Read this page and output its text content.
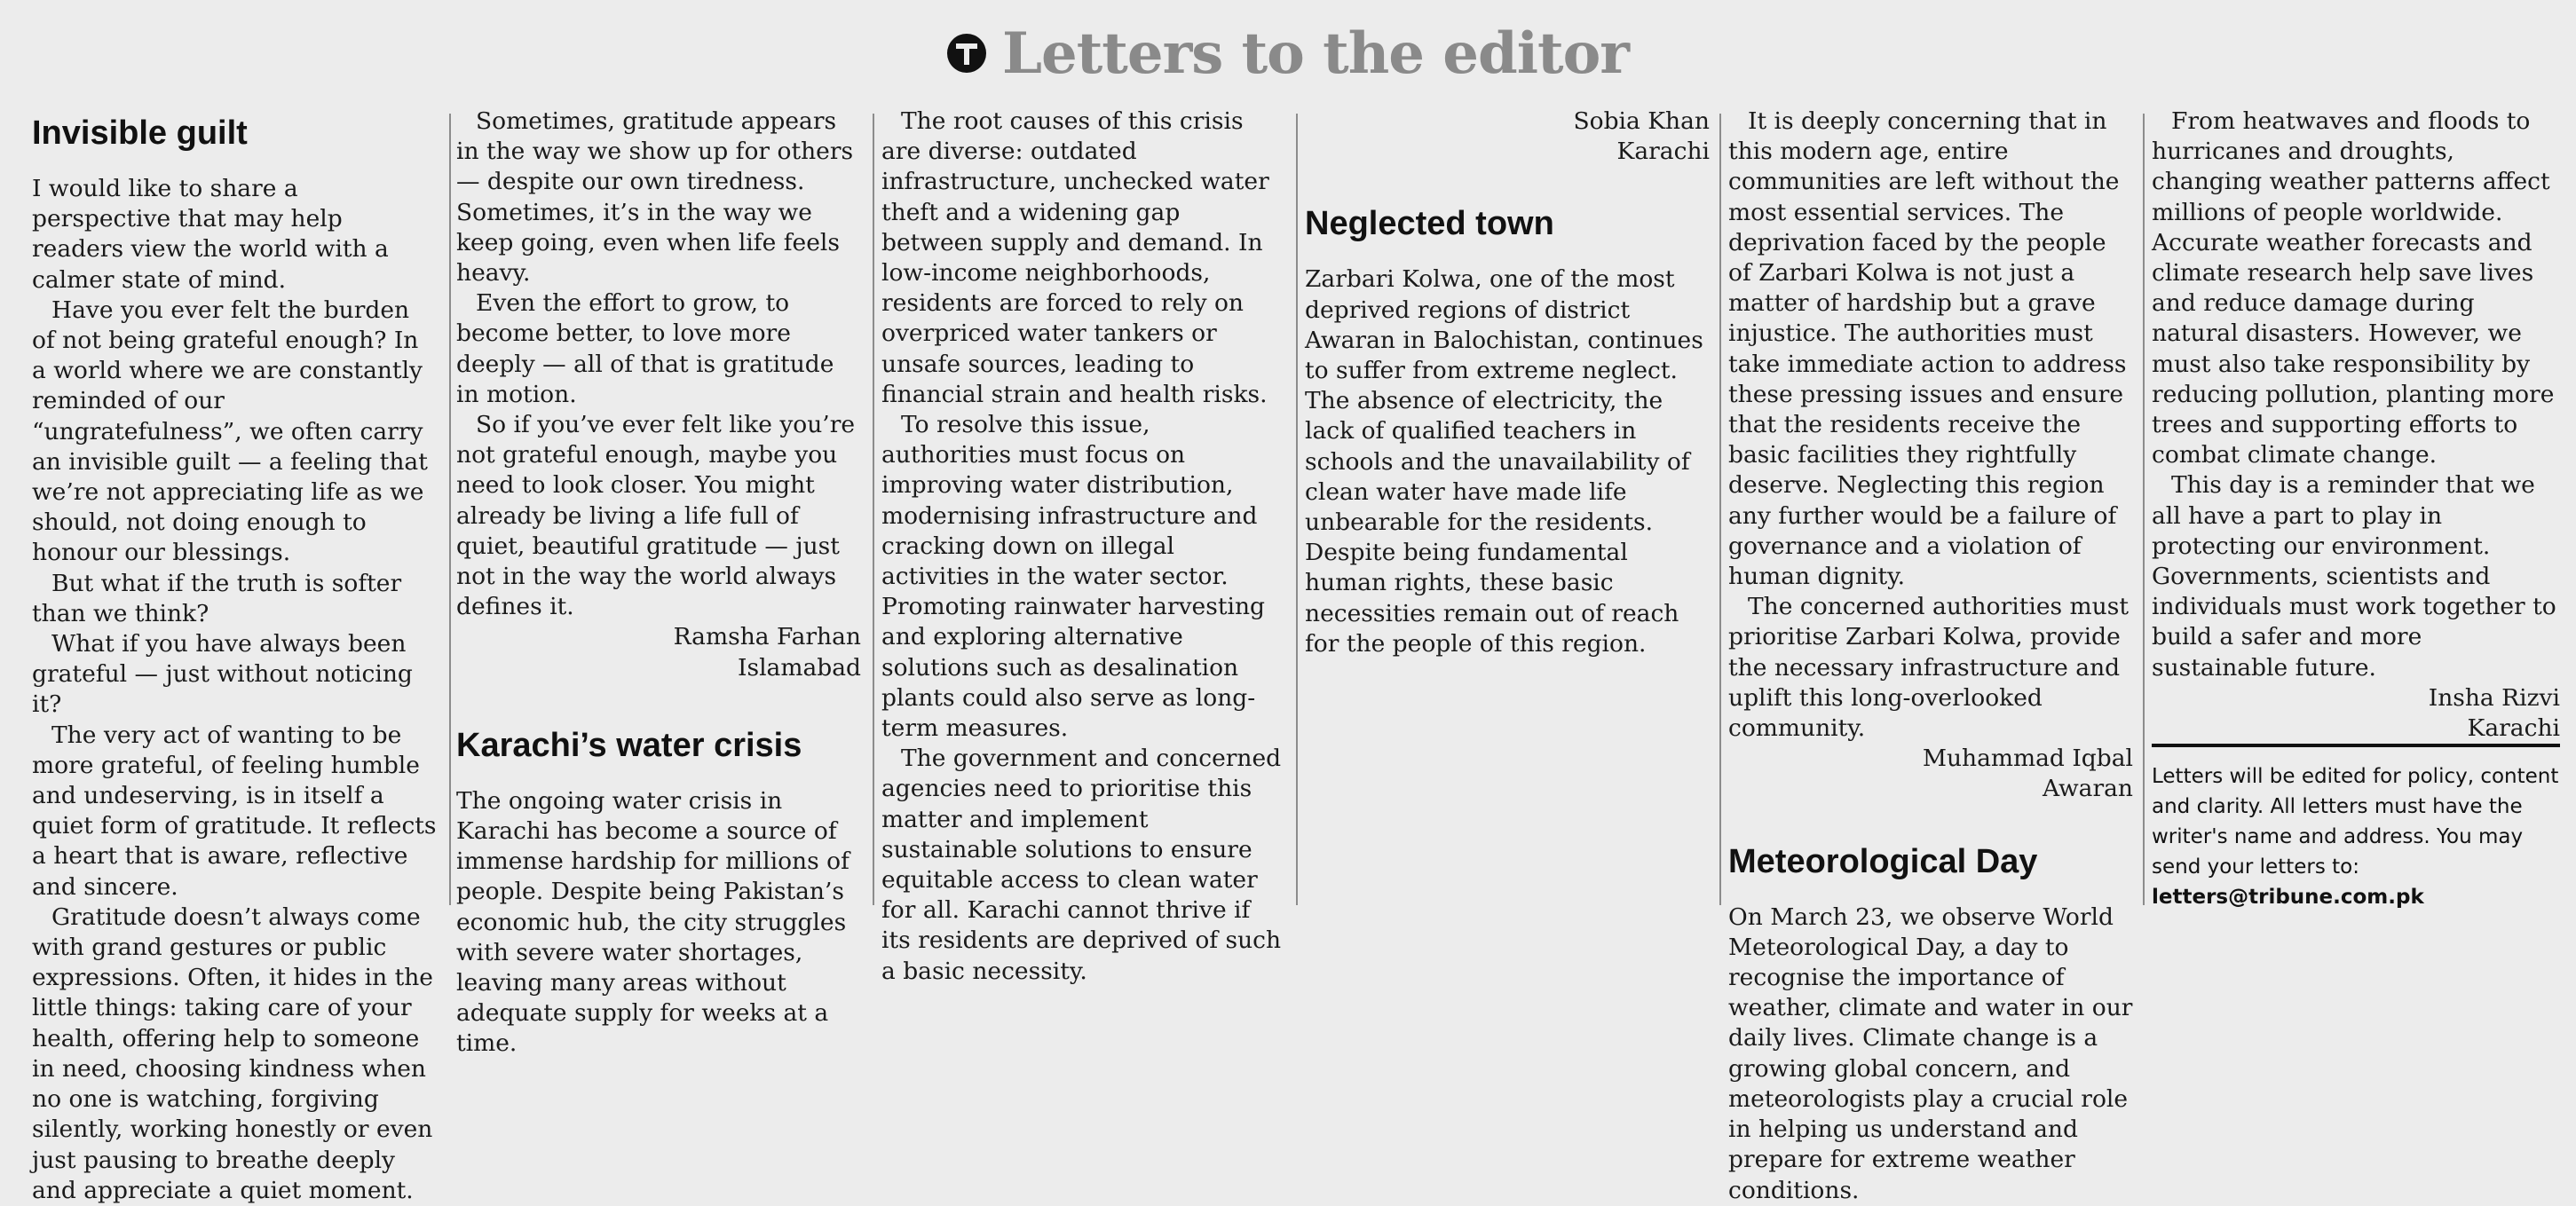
Letters to the editor
Invisible guilt

I would like to share a perspective that may help readers view the world with a calmer state of mind.

Have you ever felt the burden of not being grateful enough? In a world where we are constantly reminded of our “ungratefulness”, we often carry an invisible guilt — a feeling that we’re not appreciating life as we should, not doing enough to honour our blessings.

But what if the truth is softer than we think?

What if you have always been grateful — just without noticing it?

The very act of wanting to be more grateful, of feeling humble and undeserving, is in itself a quiet form of gratitude. It reflects a heart that is aware, reflective and sincere.

Gratitude doesn’t always come with grand gestures or public expressions. Often, it hides in the little things: taking care of your health, offering help to someone in need, choosing kindness when no one is watching, forgiving silently, working honestly or even just pausing to breathe deeply and appreciate a quiet moment.

Sometimes, gratitude appears in the way we show up for others — despite our own tiredness. Sometimes, it’s in the way we keep going, even when life feels heavy.

Even the effort to grow, to become better, to love more deeply — all of that is gratitude in motion.

So if you’ve ever felt like you’re not grateful enough, maybe you need to look closer. You might already be living a life full of quiet, beautiful gratitude — just not in the way the world always defines it.

Ramsha Farhan

Islamabad

Karachi’s water crisis

The ongoing water crisis in Karachi has become a source of immense hardship for millions of people. Despite being Pakistan’s economic hub, the city struggles with severe water shortages, leaving many areas without adequate supply for weeks at a time.

The root causes of this crisis are diverse: outdated infrastructure, unchecked water theft and a widening gap between supply and demand. In low-income neighborhoods, residents are forced to rely on overpriced water tankers or unsafe sources, leading to financial strain and health risks.

To resolve this issue, authorities must focus on improving water distribution, modernising infrastructure and cracking down on illegal activities in the water sector. Promoting rainwater harvesting and exploring alternative solutions such as desalination plants could also serve as long-term measures.

The government and concerned agencies need to prioritise this matter and implement sustainable solutions to ensure equitable access to clean water for all. Karachi cannot thrive if its residents are deprived of such a basic necessity.

Sobia Khan

Karachi

Neglected town

Zarbari Kolwa, one of the most deprived regions of district Awaran in Balochistan, continues to suffer from extreme neglect. The absence of electricity, the lack of qualified teachers in schools and the unavailability of clean water have made life unbearable for the residents. Despite being fundamental human rights, these basic necessities remain out of reach for the people of this region.

It is deeply concerning that in this modern age, entire communities are left without the most essential services. The deprivation faced by the people of Zarbari Kolwa is not just a matter of hardship but a grave injustice. The authorities must take immediate action to address these pressing issues and ensure that the residents receive the basic facilities they rightfully deserve. Neglecting this region any further would be a failure of governance and a violation of human dignity.

The concerned authorities must prioritise Zarbari Kolwa, provide the necessary infrastructure and uplift this long-overlooked community.

Muhammad Iqbal

Awaran

Meteorological Day

On March 23, we observe World Meteorological Day, a day to recognise the importance of weather, climate and water in our daily lives. Climate change is a growing global concern, and meteorologists play a crucial role in helping us understand and prepare for extreme weather conditions.

From heatwaves and floods to hurricanes and droughts, changing weather patterns affect millions of people worldwide. Accurate weather forecasts and climate research help save lives and reduce damage during natural disasters. However, we must also take responsibility by reducing pollution, planting more trees and supporting efforts to combat climate change.

This day is a reminder that we all have a part to play in protecting our environment. Governments, scientists and individuals must work together to build a safer and more sustainable future.

Insha Rizvi

Karachi

Letters will be edited for policy, content and clarity. All letters must have the writer's name and address. You may send your letters to:
letters@tribune.com.pk
